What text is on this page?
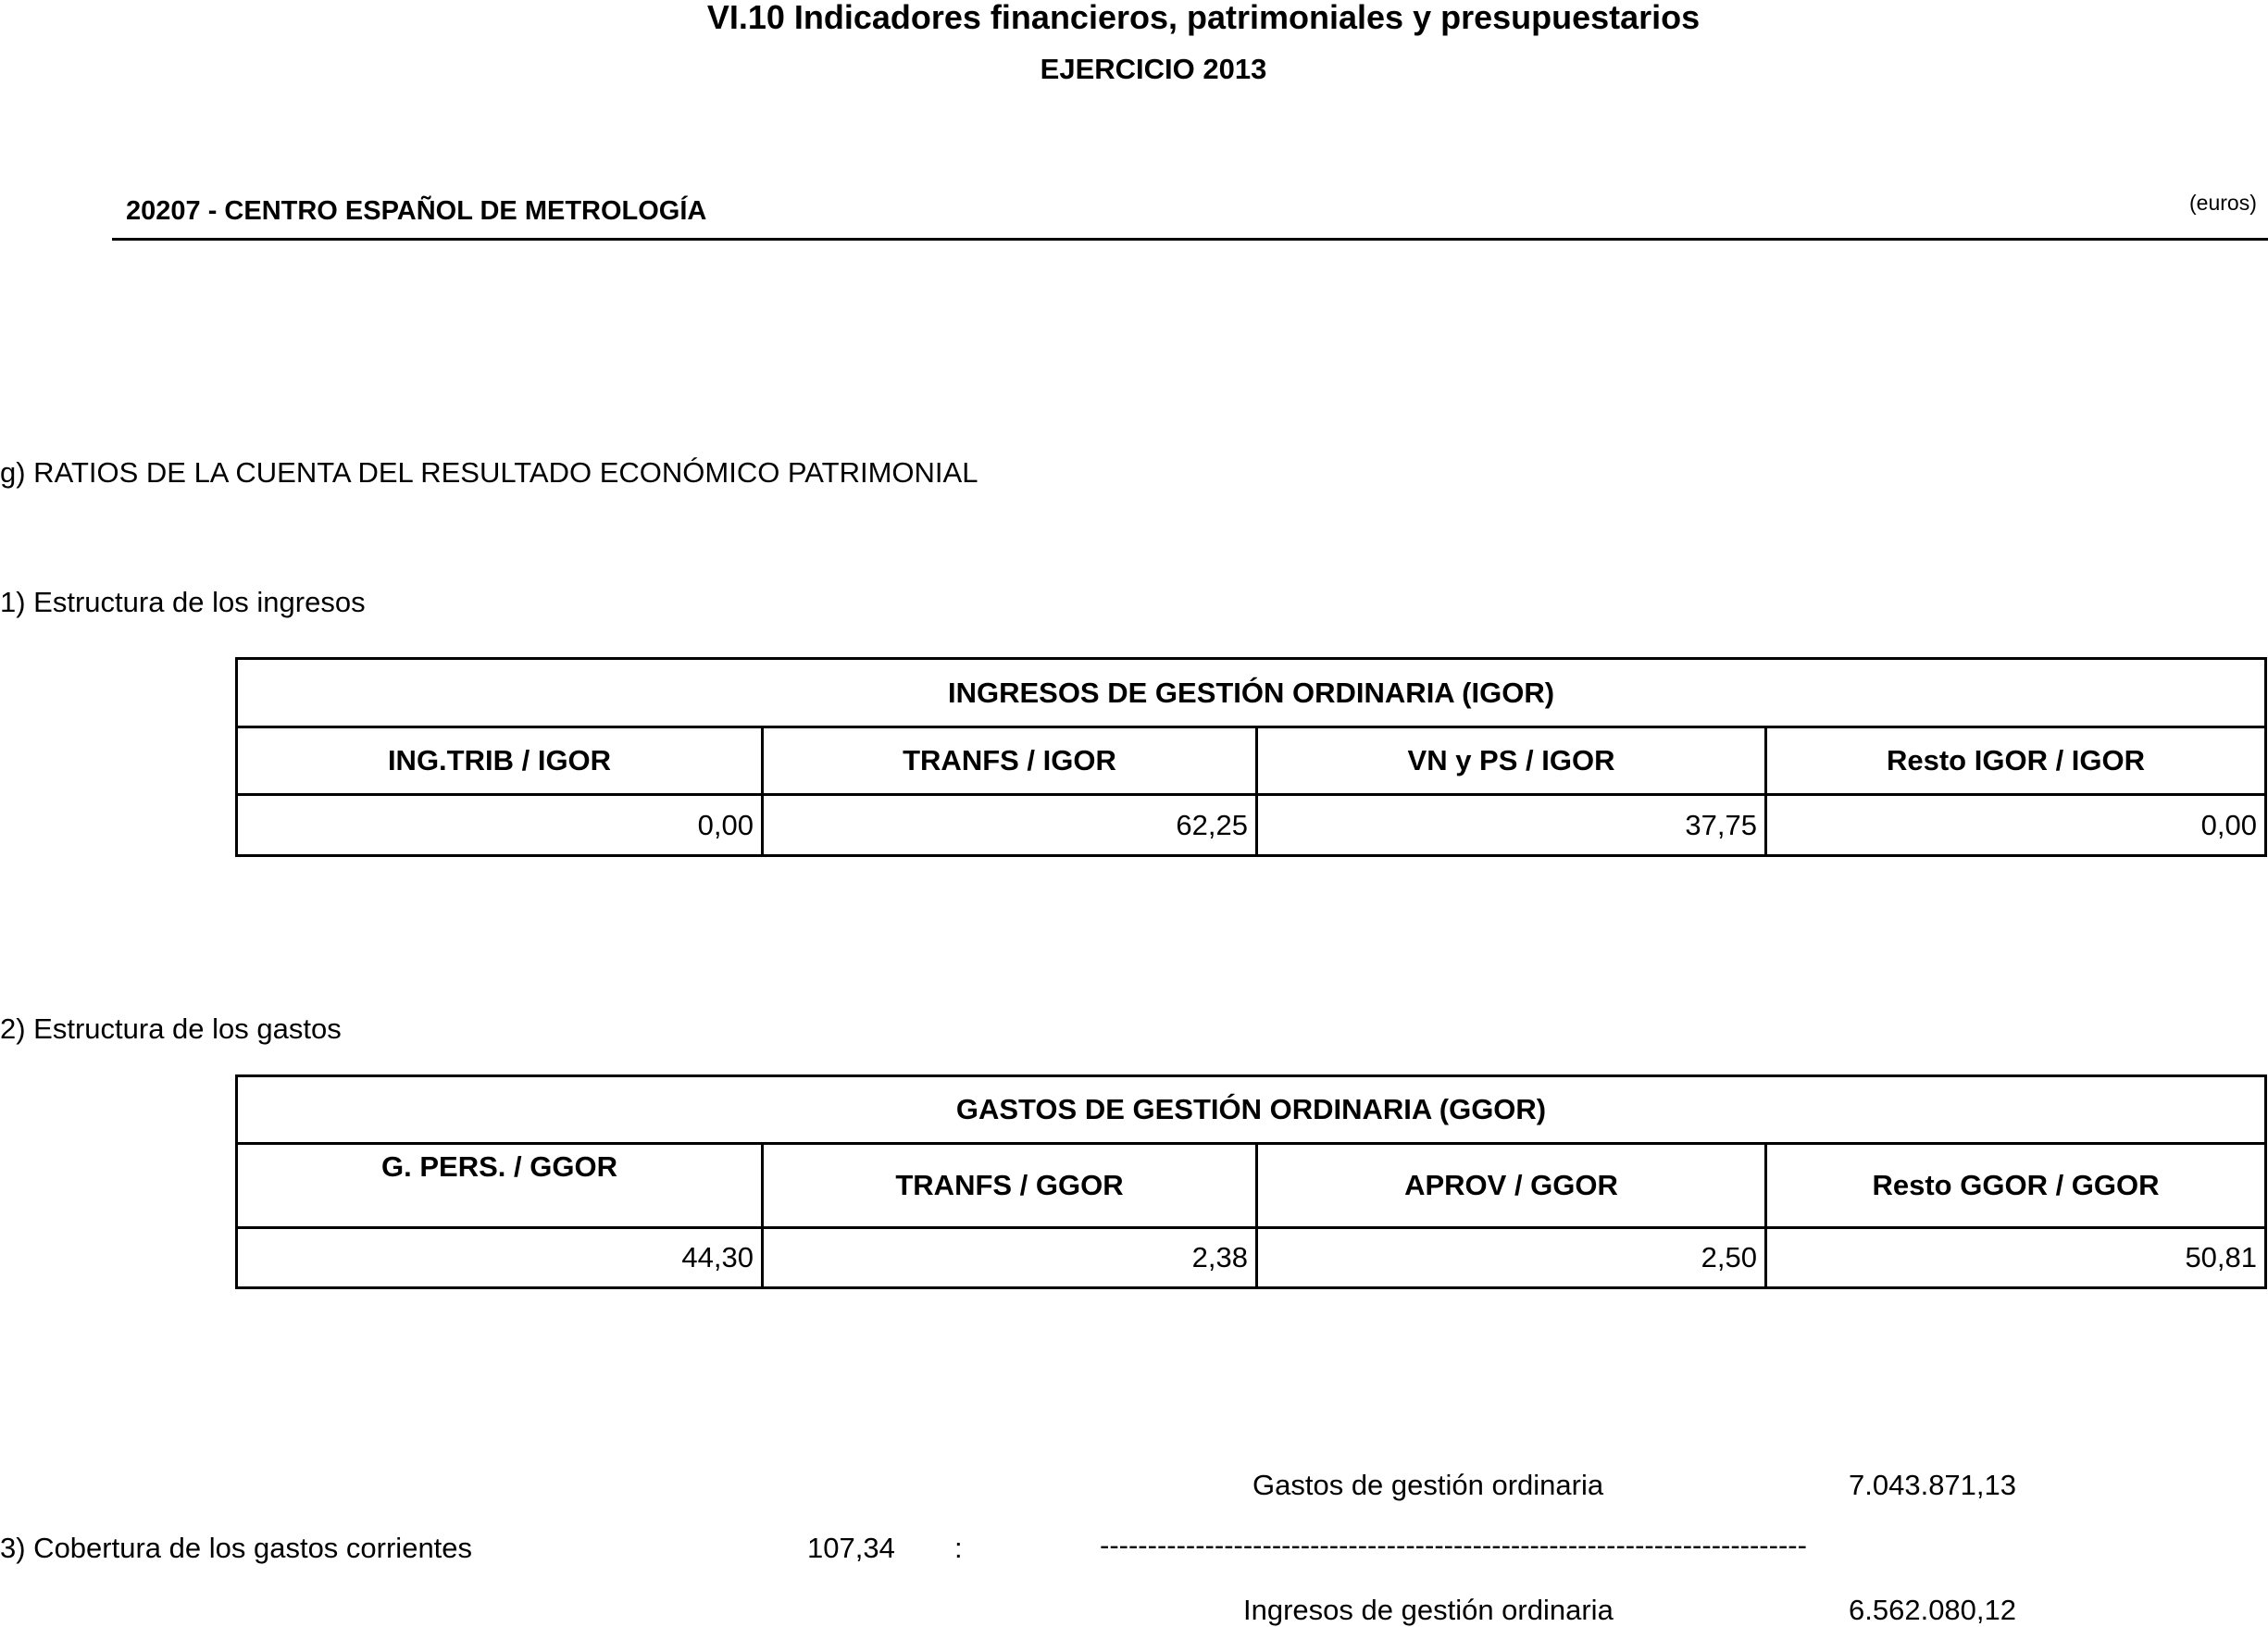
VI.10 Indicadores financieros, patrimoniales y presupuestarios
EJERCICIO 2013
20207 - CENTRO ESPAÑOL DE METROLOGÍA	(euros)
g) RATIOS DE LA CUENTA DEL RESULTADO ECONÓMICO PATRIMONIAL
1) Estructura de los ingresos
INGRESOS DE GESTIÓN ORDINARIA (IGOR)			
ING.TRIB / IGOR	TRANFS / IGOR	VN y PS / IGOR	Resto IGOR / IGOR
0,00	62,25	37,75	0,00
2) Estructura de los gastos
GASTOS DE GESTIÓN ORDINARIA (GGOR)			
G. PERS. / GGOR	TRANFS / GGOR	APROV / GGOR	Resto GGOR / GGOR
44,30	2,38	2,50	50,81
Gastos de gestión ordinaria	7.043.871,13
3) Cobertura de los gastos corrientes	107,34 :	--------------------------------------------------------------------------
Ingresos de gestión ordinaria	6.562.080,12
